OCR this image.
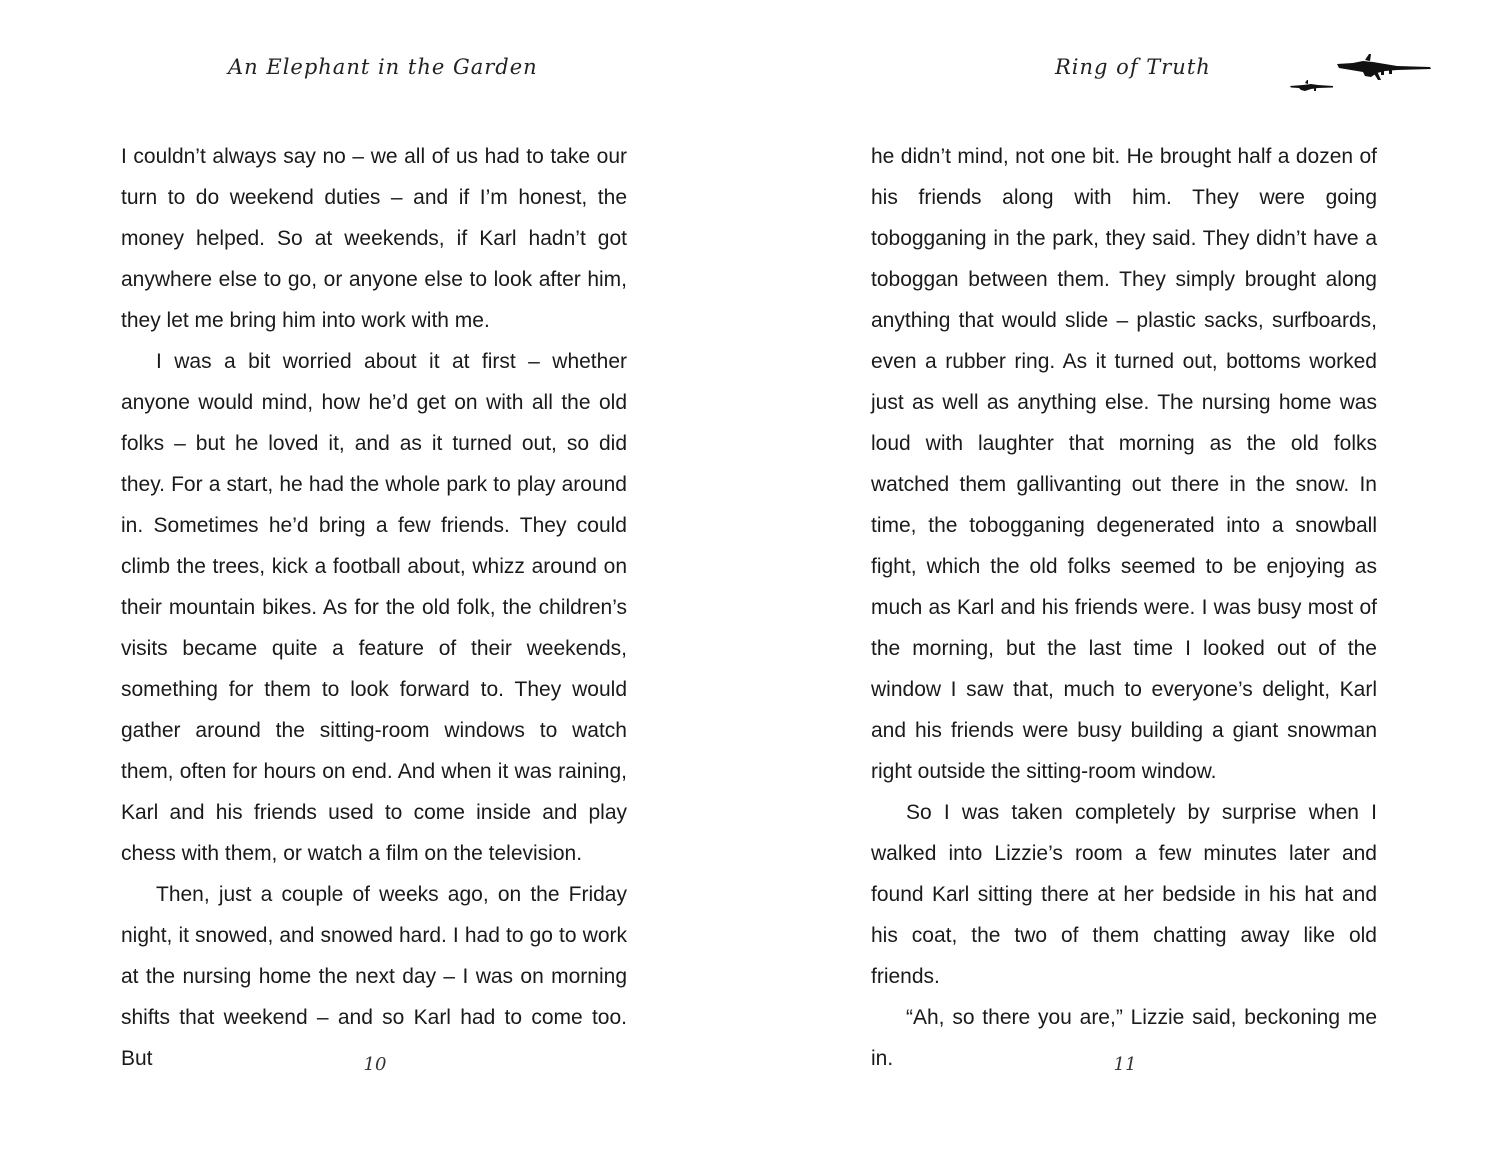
An Elephant in the Garden

I couldn’t always say no – we all of us had to take our turn to do weekend duties – and if I’m honest, the money helped. So at weekends, if Karl hadn’t got anywhere else to go, or anyone else to look after him, they let me bring him into work with me.

I was a bit worried about it at first – whether anyone would mind, how he’d get on with all the old folks – but he loved it, and as it turned out, so did they. For a start, he had the whole park to play around in. Sometimes he’d bring a few friends. They could climb the trees, kick a football about, whizz around on their mountain bikes. As for the old folk, the children’s visits became quite a feature of their weekends, something for them to look forward to. They would gather around the sitting-room windows to watch them, often for hours on end. And when it was raining, Karl and his friends used to come inside and play chess with them, or watch a film on the television.

Then, just a couple of weeks ago, on the Friday night, it snowed, and snowed hard. I had to go to work at the nursing home the next day – I was on morning shifts that weekend – and so Karl had to come too. But	10
Ring of Truth

he didn’t mind, not one bit. He brought half a dozen of his friends along with him. They were going tobogganing in the park, they said. They didn’t have a toboggan between them. They simply brought along anything that would slide – plastic sacks, surfboards, even a rubber ring. As it turned out, bottoms worked just as well as anything else. The nursing home was loud with laughter that morning as the old folks watched them gallivanting out there in the snow. In time, the tobogganing degenerated into a snowball fight, which the old folks seemed to be enjoying as much as Karl and his friends were. I was busy most of the morning, but the last time I looked out of the window I saw that, much to everyone’s delight, Karl and his friends were busy building a giant snowman right outside the sitting-room window.

So I was taken completely by surprise when I walked into Lizzie’s room a few minutes later and found Karl sitting there at her bedside in his hat and his coat, the two of them chatting away like old friends.

“Ah, so there you are,” Lizzie said, beckoning me in.	11
